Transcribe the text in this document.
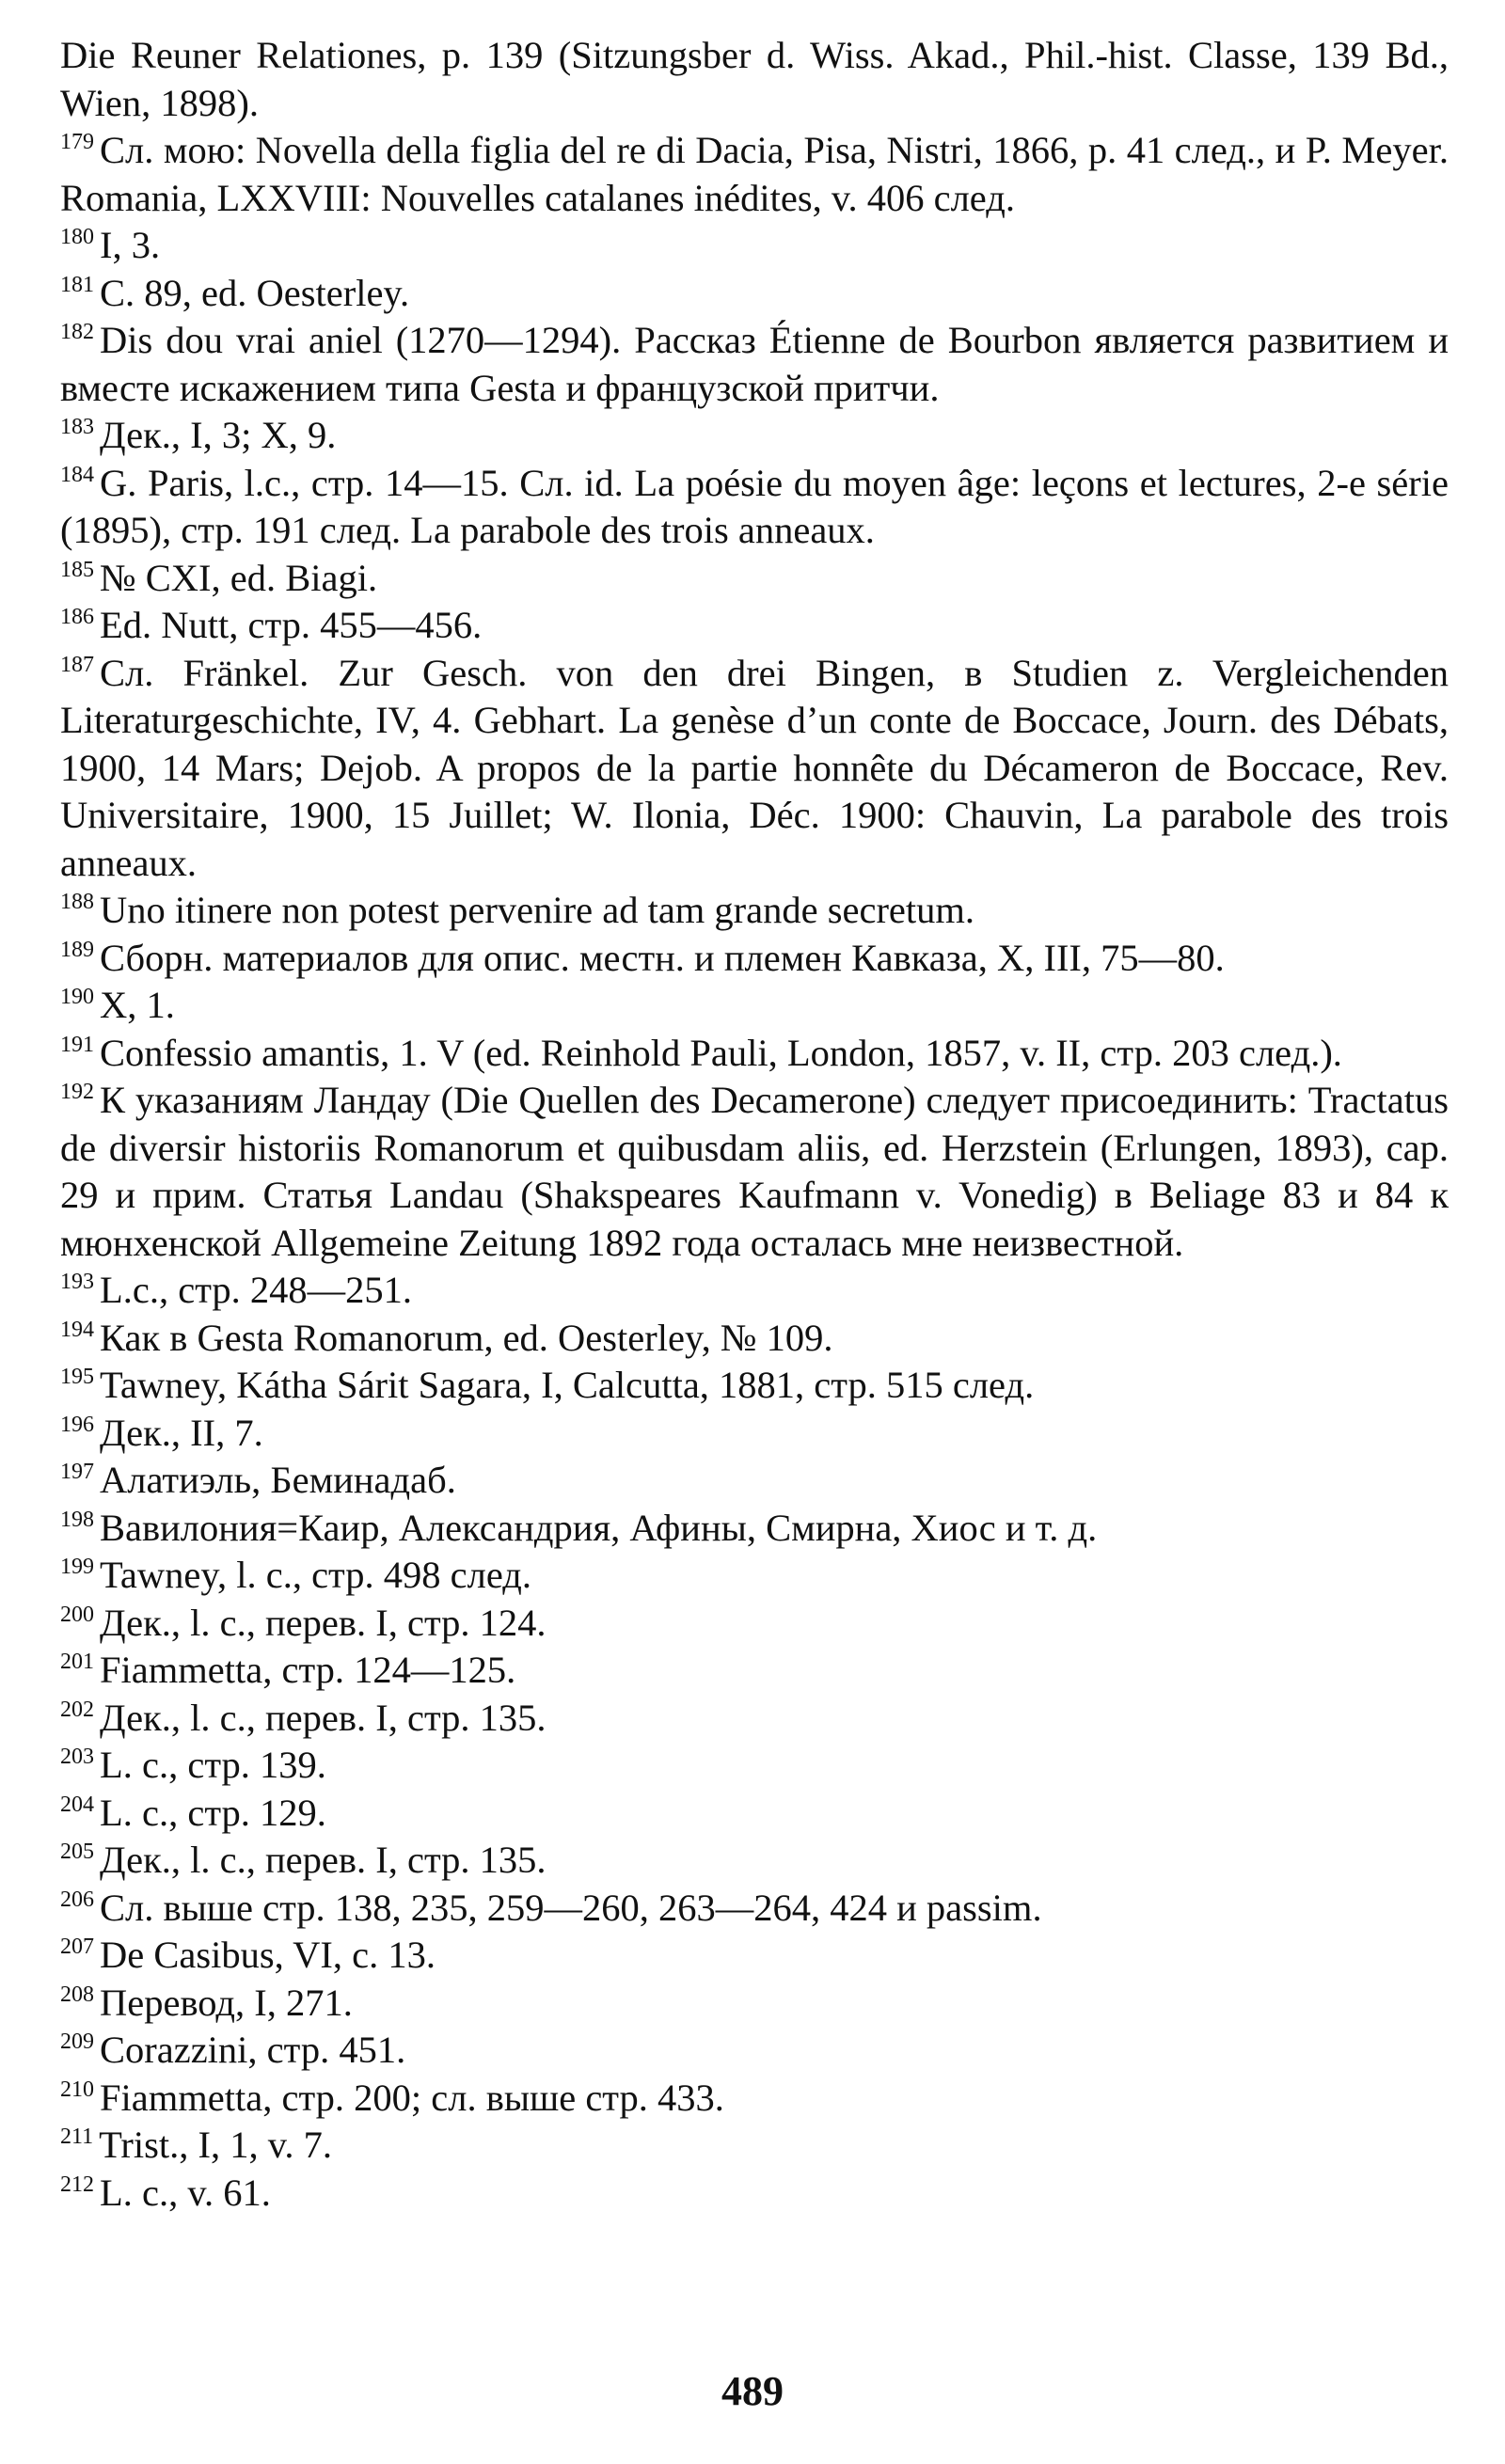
Die Reuner Relationes, p. 139 (Sitzungsber d. Wiss. Akad., Phil.-hist. Classe, 139 Bd., Wien, 1898).

$^{179}$ Сл. мою: Novella della figlia del re di Dacia, Pisa, Nistri, 1866, p. 41 след., и P. Meyer. Romania, LXXVIII: Nouvelles catalanes inédites, v. 406 след.

$^{180}$ I, 3.

$^{181}$ C. 89, ed. Oesterley.

$^{182}$ Dis dou vrai aniel (1270—1294). Рассказ Étienne de Bourbon является развитием и вместе искажением типа Gesta и французской притчи.

$^{183}$ Дек., I, 3; X, 9.

$^{184}$ G. Paris, l.c., стр. 14—15. Сл. id. La poésie du moyen âge: leçons et lectures, 2-e série (1895), стр. 191 след. La parabole des trois anneaux.

$^{185}$ № CXI, ed. Biagi.

$^{186}$ Ed. Nutt, стр. 455—456.

$^{187}$ Сл. Fränkel. Zur Gesch. von den drei Bingen, в Studien z. Vergleichenden Literaturgeschichte, IV, 4. Gebhart. La genèse d’un conte de Boccace, Journ. des Débats, 1900, 14 Mars; Dejob. A propos de la partie honnête du Décameron de Boccace, Rev. Universitaire, 1900, 15 Juillet; W. Ilonia, Déc. 1900: Chauvin, La parabole des trois anneaux.

$^{188}$ Uno itinere non potest pervenire ad tam grande secretum.

$^{189}$ Сборн. материалов для опис. местн. и племен Кавказа, X, III, 75—80.

$^{190}$ X, 1.

$^{191}$ Confessio amantis, 1. V (ed. Reinhold Pauli, London, 1857, v. II, стр. 203 след.).

$^{192}$ К указаниям Ландау (Die Quellen des Decamerone) следует присоединить: Tractatus de diversir historiis Romanorum et quibusdam aliis, ed. Herzstein (Erlungen, 1893), cap. 29 и прим. Статья Landau (Shakspeares Kaufmann v. Vonedig) в Beliage 83 и 84 к мюнхенской Allgemeine Zeitung 1892 года осталась мне неизвестной.

$^{193}$ L.c., стр. 248—251.

$^{194}$ Как в Gesta Romanorum, ed. Oesterley, № 109.

$^{195}$ Tawney, Kátha Sárit Sagara, I, Calcutta, 1881, стр. 515 след.

$^{196}$ Дек., II, 7.

$^{197}$ Алатиэль, Беминадаб.

$^{198}$ Вавилония=Каир, Александрия, Афины, Смирна, Хиос и т. д.

$^{199}$ Tawney, l. c., стр. 498 след.

$^{200}$ Дек., l. c., перев. I, стр. 124.

$^{201}$ Fiammetta, стр. 124—125.

$^{202}$ Дек., l. c., перев. I, стр. 135.

$^{203}$ L. c., стр. 139.

$^{204}$ L. c., стр. 129.

$^{205}$ Дек., l. c., перев. I, стр. 135.

$^{206}$ Сл. выше стр. 138, 235, 259—260, 263—264, 424 и passim.

$^{207}$ De Casibus, VI, c. 13.

$^{208}$ Перевод, I, 271.

$^{209}$ Corazzini, стр. 451.

$^{210}$ Fiammetta, стр. 200; сл. выше стр. 433.

$^{211}$ Trist., I, 1, v. 7.

$^{212}$ L. c., v. 61.

489
